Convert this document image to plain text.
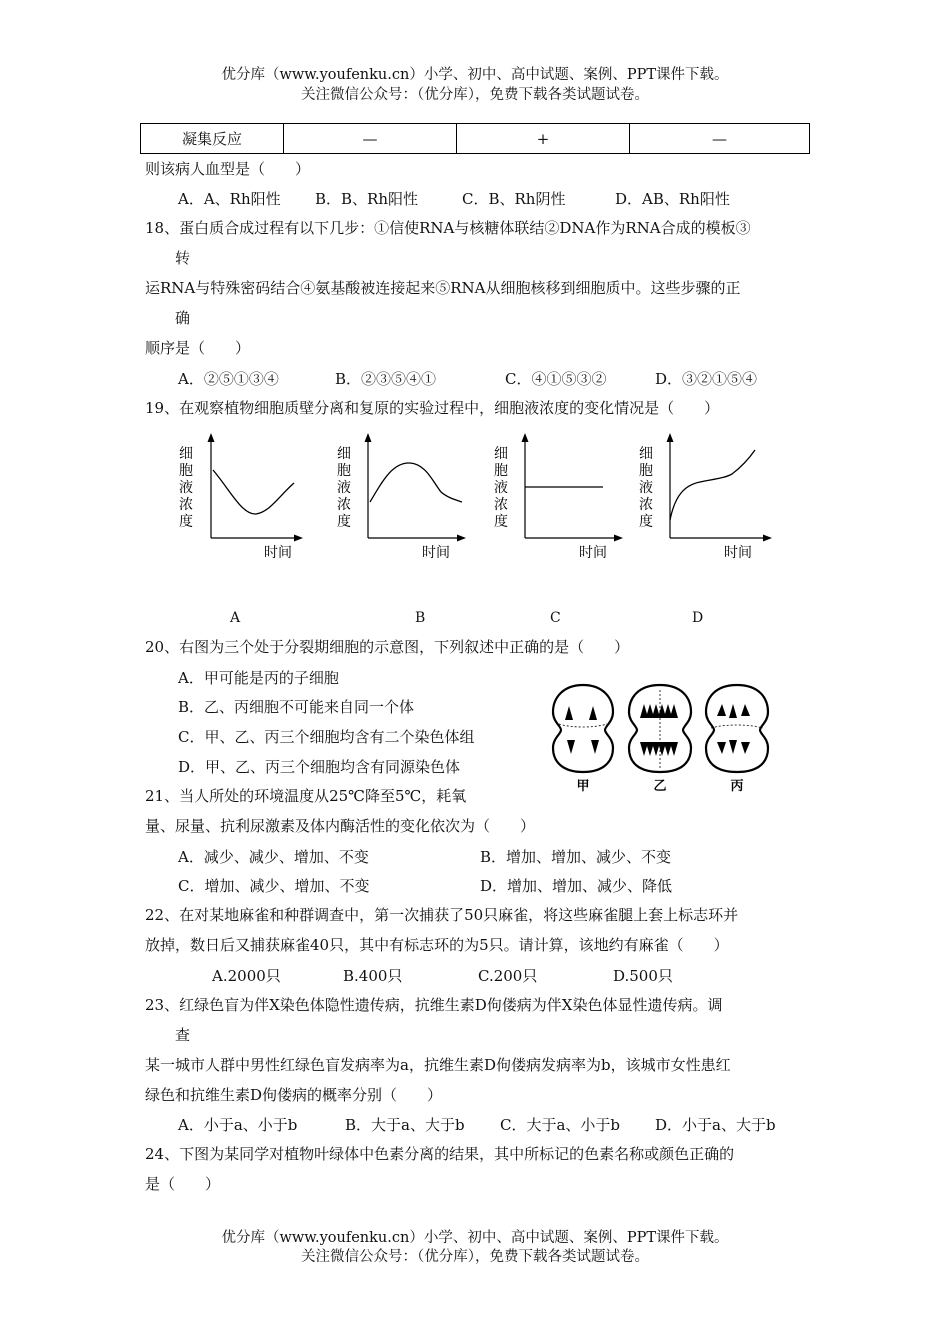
优分库（www.youfenku.cn）小学、初中、高中试题、案例、PPT课件下载。
关注微信公众号：（优分库），免费下载各类试题试卷。
凝集反应	—	+	—
则该病人血型是（　　）
A．A、Rh阳性 B．B、Rh阳性	C．B、Rh阴性	D．AB、Rh阳性
18、蛋白质合成过程有以下几步：①信使RNA与核糖体联结②DNA作为RNA合成的模板③
转
运RNA与特殊密码结合④氨基酸被连接起来⑤RNA从细胞核移到细胞质中。这些步骤的正
确
顺序是（　　）
A．②⑤①③④	B．②③⑤④①	C．④①⑤③②	D．③②①⑤④
19、在观察植物细胞质壁分离和复原的实验过程中，细胞液浓度的变化情况是（　　）
细
胞
液
浓
度
时间
A
细
胞
液
浓
度
时间
B
细
胞
液
浓
度
时间
C
细
胞
液
浓
度
时间
D
20、右图为三个处于分裂期细胞的示意图，下列叙述中正确的是（　　）
A．甲可能是丙的子细胞
B．乙、丙细胞不可能来自同一个体
C．甲、乙、丙三个细胞均含有二个染色体组
D．甲、乙、丙三个细胞均含有同源染色体
甲	乙	丙
21、当人所处的环境温度从25℃降至5℃，耗氧
量、尿量、抗利尿激素及体内酶活性的变化依次为（　　）
A．减少、减少、增加、不变	B．增加、增加、减少、不变
C．增加、减少、增加、不变	D．增加、增加、减少、降低
22、在对某地麻雀和种群调查中，第一次捕获了50只麻雀，将这些麻雀腿上套上标志环并
放掉，数日后又捕获麻雀40只，其中有标志环的为5只。请计算，该地约有麻雀（　　）
A.2000只	B.400只	C.200只	D.500只
23、红绿色盲为伴X染色体隐性遗传病，抗维生素D佝偻病为伴X染色体显性遗传病。调
查
某一城市人群中男性红绿色盲发病率为a，抗维生素D佝偻病发病率为b，该城市女性患红
绿色和抗维生素D佝偻病的概率分别（　　）
A．小于a、小于b	B．大于a、大于b C．大于a、小于b D．小于a、大于b
24、下图为某同学对植物叶绿体中色素分离的结果，其中所标记的色素名称或颜色正确的
是（　　）
优分库（www.youfenku.cn）小学、初中、高中试题、案例、PPT课件下载。
关注微信公众号：（优分库），免费下载各类试题试卷。
